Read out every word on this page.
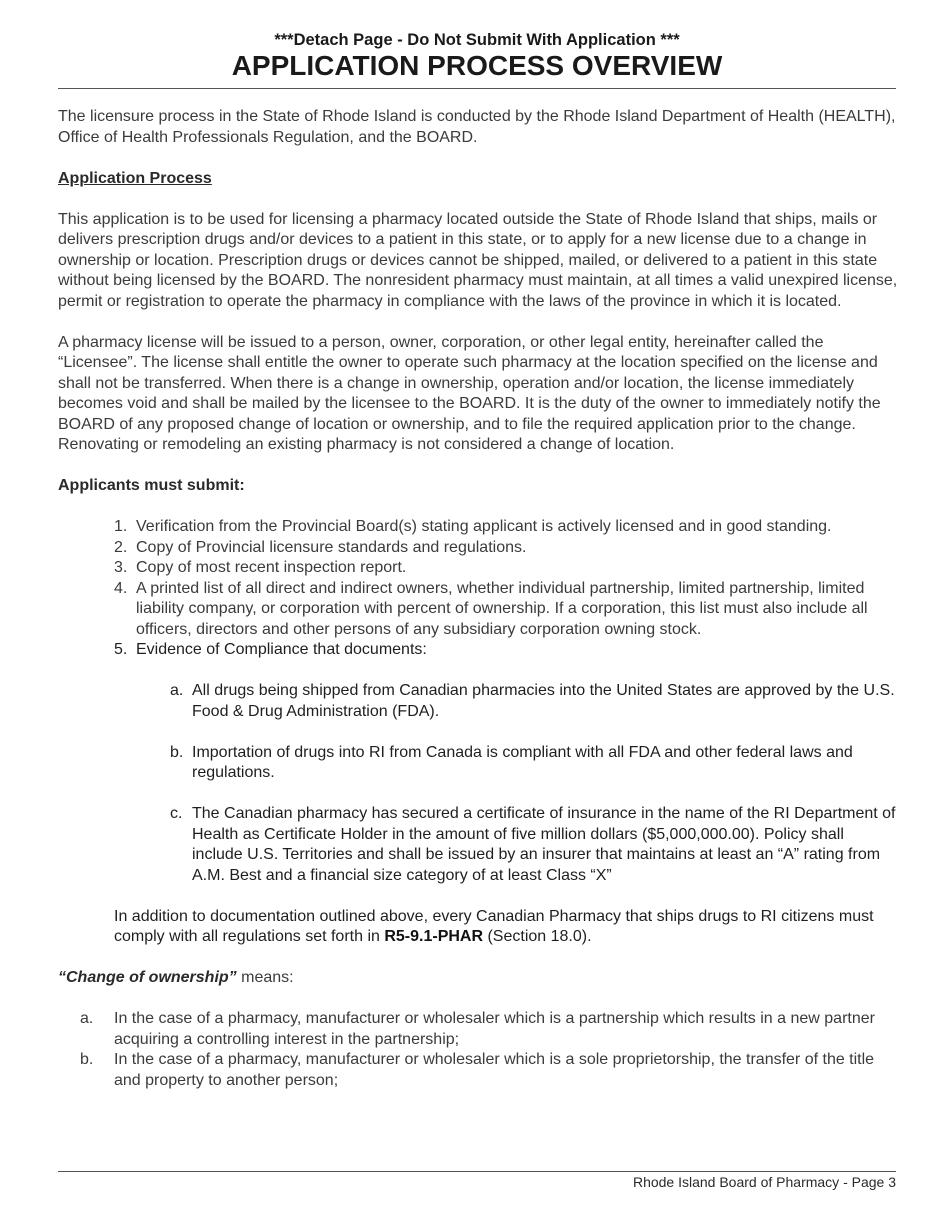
***Detach Page - Do Not Submit With Application ***
APPLICATION PROCESS OVERVIEW

The licensure process in the State of Rhode Island is conducted by the Rhode Island Department of Health (HEALTH), Office of Health Professionals Regulation, and the BOARD.

Application Process

This application is to be used for licensing a pharmacy located outside the State of Rhode Island that ships, mails or delivers prescription drugs and/or devices to a patient in this state, or to apply for a new license due to a change in ownership or location. Prescription drugs or devices cannot be shipped, mailed, or delivered to a patient in this state without being licensed by the BOARD. The nonresident pharmacy must maintain, at all times a valid unexpired license, permit or registration to operate the pharmacy in compliance with the laws of the province in which it is located.

A pharmacy license will be issued to a person, owner, corporation, or other legal entity, hereinafter called the “Licensee”. The license shall entitle the owner to operate such pharmacy at the location specified on the license and shall not be transferred. When there is a change in ownership, operation and/or location, the license immediately becomes void and shall be mailed by the licensee to the BOARD. It is the duty of the owner to immediately notify the BOARD of any proposed change of location or ownership, and to file the required application prior to the change. Renovating or remodeling an existing pharmacy is not considered a change of location.

Applicants must submit:

1. Verification from the Provincial Board(s) stating applicant is actively licensed and in good standing.
2. Copy of Provincial licensure standards and regulations.
3. Copy of most recent inspection report.
4. A printed list of all direct and indirect owners, whether individual partnership, limited partnership, limited liability company, or corporation with percent of ownership. If a corporation, this list must also include all officers, directors and other persons of any subsidiary corporation owning stock.
5. Evidence of Compliance that documents:
a. All drugs being shipped from Canadian pharmacies into the United States are approved by the U.S. Food & Drug Administration (FDA).
b. Importation of drugs into RI from Canada is compliant with all FDA and other federal laws and regulations.
c. The Canadian pharmacy has secured a certificate of insurance in the name of the RI Department of Health as Certificate Holder in the amount of five million dollars ($5,000,000.00). Policy shall include U.S. Territories and shall be issued by an insurer that maintains at least an “A” rating from A.M. Best and a financial size category of at least Class “X”

In addition to documentation outlined above, every Canadian Pharmacy that ships drugs to RI citizens must comply with all regulations set forth in R5-9.1-PHAR (Section 18.0).

“Change of ownership” means:

a.	In the case of a pharmacy, manufacturer or wholesaler which is a partnership which results in a new partner acquiring a controlling interest in the partnership;
b.	In the case of a pharmacy, manufacturer or wholesaler which is a sole proprietorship, the transfer of the title and property to another person;
Rhode Island Board of Pharmacy - Page 3
